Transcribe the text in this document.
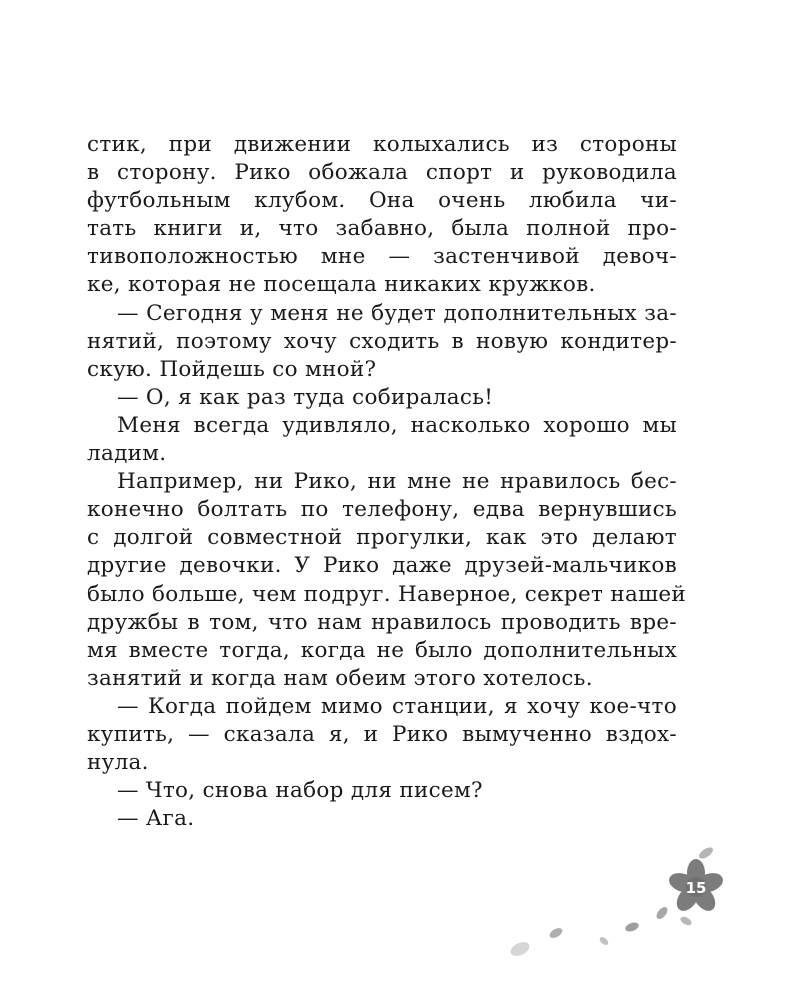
стик, при движении колыхались из стороны
в сторону. Рико обожала спорт и руководила
футбольным клубом. Она очень любила чи-
тать книги и, что забавно, была полной про-
тивоположностью мне — застенчивой девоч-
ке, которая не посещала никаких кружков.
— Сегодня у меня не будет дополнительных за-
нятий, поэтому хочу сходить в новую кондитер-
скую. Пойдешь со мной?
— О, я как раз туда собиралась!
Меня всегда удивляло, насколько хорошо мы
ладим.
Например, ни Рико, ни мне не нравилось бес-
конечно болтать по телефону, едва вернувшись
с долгой совместной прогулки, как это делают
другие девочки. У Рико даже друзей-мальчиков
было больше, чем подруг. Наверное, секрет нашей
дружбы в том, что нам нравилось проводить вре-
мя вместе тогда, когда не было дополнительных
занятий и когда нам обеим этого хотелось.
— Когда пойдем мимо станции, я хочу кое-что
купить, — сказала я, и Рико вымученно вздох-
нула.
— Что, снова набор для писем?
— Ага.
15
